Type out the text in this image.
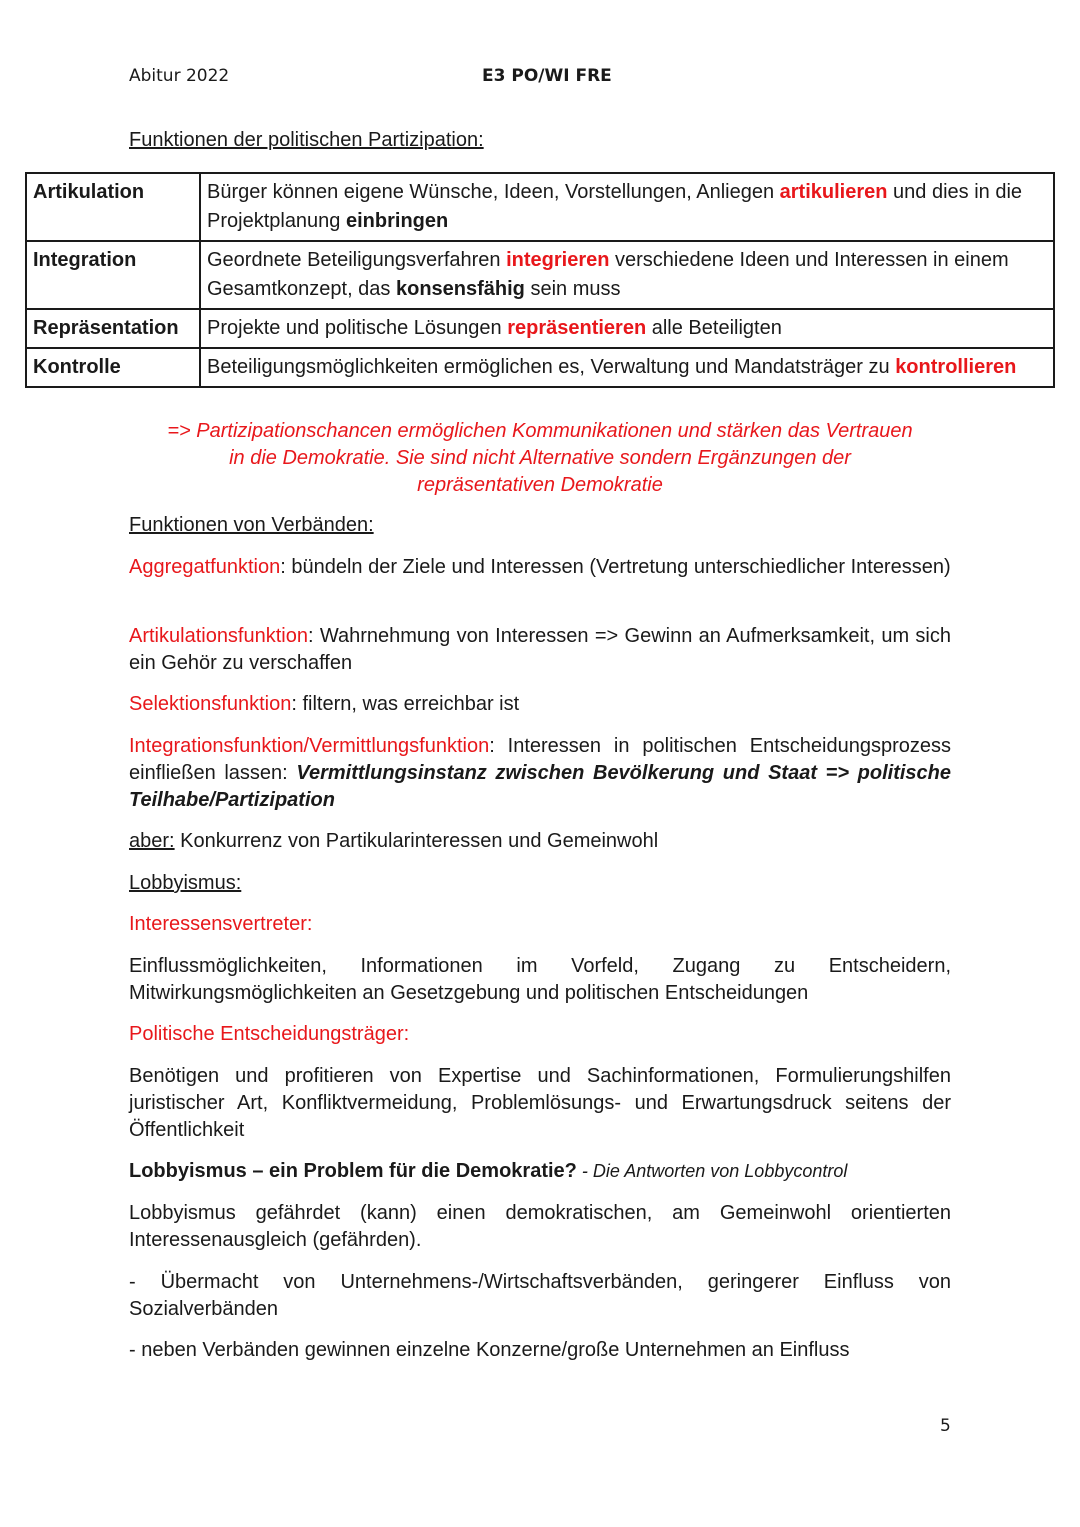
Abitur 2022	E3 PO/WI FRE
Funktionen der politischen Partizipation:
Artikulation	Bürger können eigene Wünsche, Ideen, Vorstellungen, Anliegen artikulieren und dies in die Projektplanung einbringen
Integration	Geordnete Beteiligungsverfahren integrieren verschiedene Ideen und Interessen in einem Gesamtkonzept, das konsensfähig sein muss
Repräsentation	Projekte und politische Lösungen repräsentieren alle Beteiligten
Kontrolle	Beteiligungsmöglichkeiten ermöglichen es, Verwaltung und Mandatsträger zu kontrollieren
=> Partizipationschancen ermöglichen Kommunikationen und stärken das Vertrauen
in die Demokratie. Sie sind nicht Alternative sondern Ergänzungen der
repräsentativen Demokratie
Funktionen von Verbänden:
Aggregatfunktion: bündeln der Ziele und Interessen (Vertretung unterschiedlicher Interessen)
Artikulationsfunktion: Wahrnehmung von Interessen => Gewinn an Aufmerksamkeit, um sich ein Gehör zu verschaffen
Selektionsfunktion: filtern, was erreichbar ist
Integrationsfunktion/Vermittlungsfunktion: Interessen in politischen Entscheidungsprozess einfließen lassen: Vermittlungsinstanz zwischen Bevölkerung und Staat => politische Teilhabe/Partizipation
aber: Konkurrenz von Partikularinteressen und Gemeinwohl
Lobbyismus:
Interessensvertreter:
Einflussmöglichkeiten, Informationen im Vorfeld, Zugang zu Entscheidern, Mitwirkungsmöglichkeiten an Gesetzgebung und politischen Entscheidungen
Politische Entscheidungsträger:
Benötigen und profitieren von Expertise und Sachinformationen, Formulierungshilfen juristischer Art, Konfliktvermeidung, Problemlösungs- und Erwartungsdruck seitens der Öffentlichkeit
Lobbyismus – ein Problem für die Demokratie? - Die Antworten von Lobbycontrol
Lobbyismus gefährdet (kann) einen demokratischen, am Gemeinwohl orientierten Interessenausgleich (gefährden).
- Übermacht von Unternehmens-/Wirtschaftsverbänden, geringerer Einfluss von Sozialverbänden
- neben Verbänden gewinnen einzelne Konzerne/große Unternehmen an Einfluss
5
